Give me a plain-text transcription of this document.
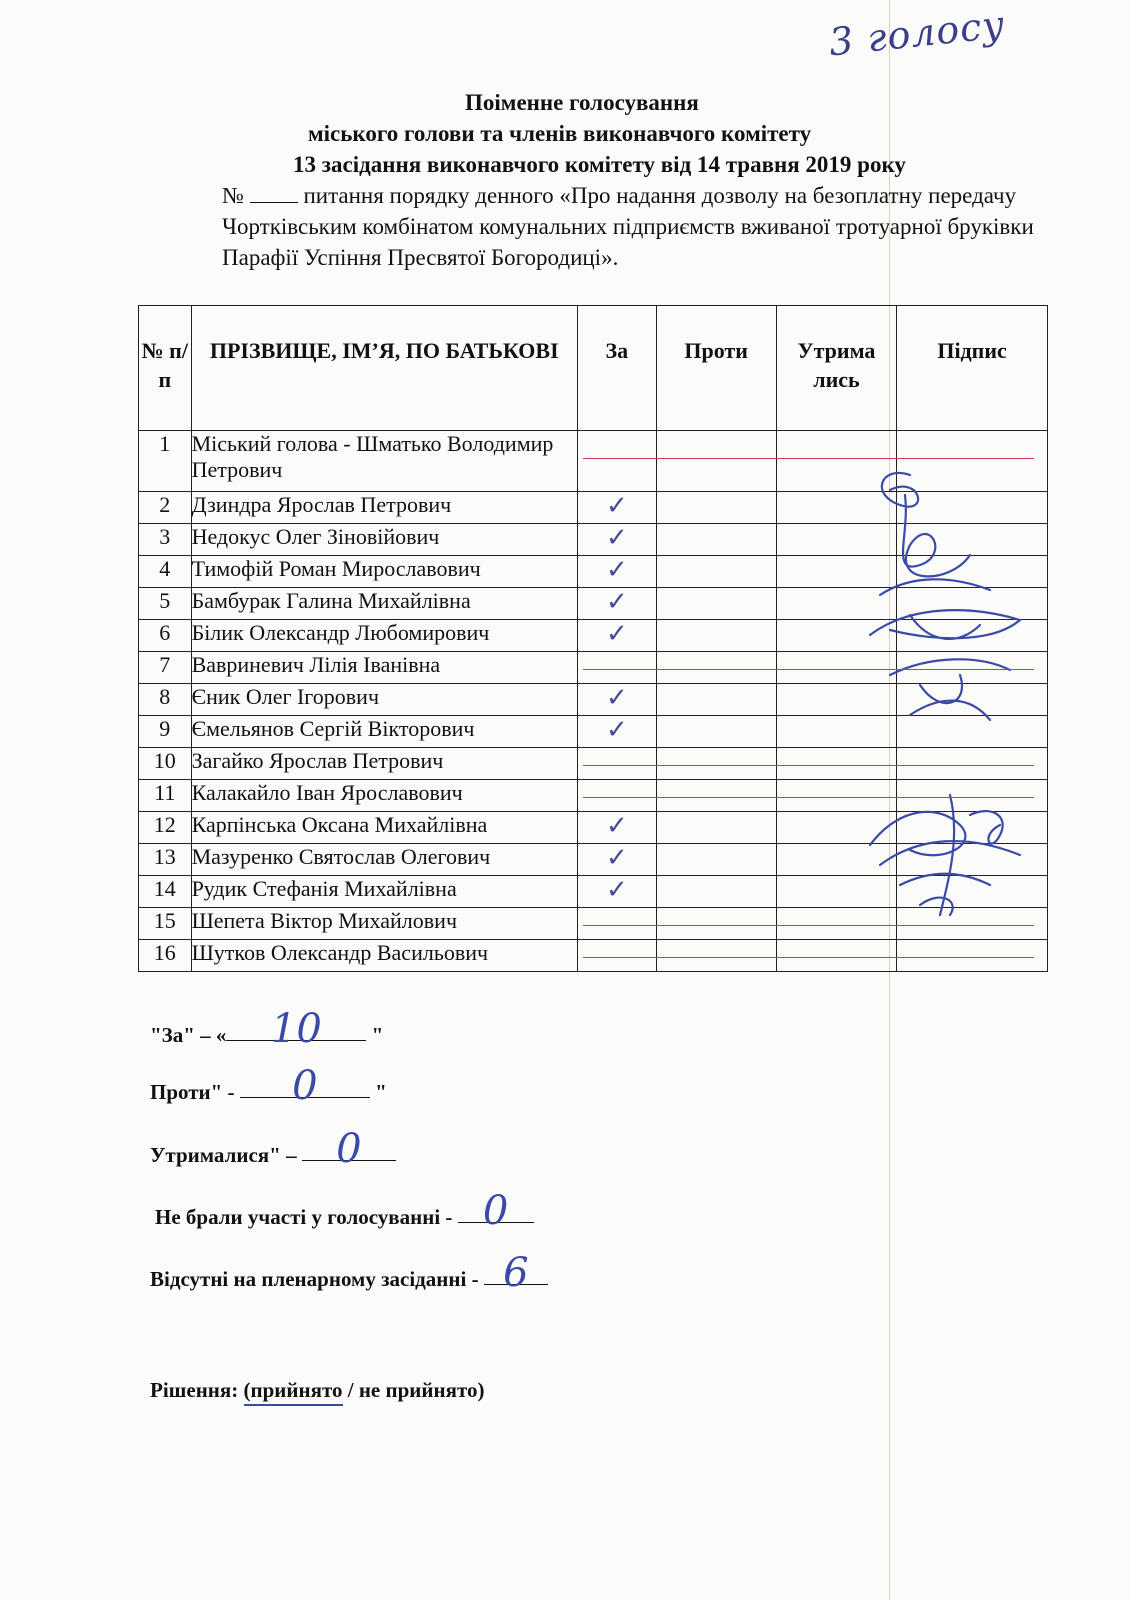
3 голосу
Поіменне голосування
міського голови та членів виконавчого комітету
13 засідання виконавчого комітету від 14 травня 2019 року
№	питання порядку денного «Про надання дозволу на безоплатну передачу Чортківським комбінатом комунальних підприємств вживаної тротуарної бруківки Парафії Успіння Пресвятої Богородиці».
№ п/п	ПРІЗВИЩЕ, ІМ’Я, ПО БАТЬКОВІ	За	Проти	Утрима лись	Підпис
1	Міський голова - Шматько Володимир Петрович				
2	Дзиндра Ярослав Петрович	✓			

3	Недокус Олег Зіновійович	✓			

4	Тимофій Роман Мирославович	✓			

5	Бамбурак Галина Михайлівна	✓			

6	Білик Олександр Любомирович	✓			

7	Вавриневич Лілія Іванівна				
8	Єник Олег Ігорович	✓			

9	Ємельянов Сергій Вікторович	✓			

10	Загайко Ярослав Петрович				
11	Калакайло Іван Ярославович				
12	Карпінська Оксана Михайлівна	✓			

13	Мазуренко Святослав Олегович	✓			

14	Рудик Стефанія Михайлівна	✓			

15	Шепета Віктор Михайлович				
16	Шутков Олександр Васильович				
"За" – « 10 "
Проти" - 0 "
Утрималися" – 0
Не брали участі у голосуванні - 0
Відсутні на пленарному засіданні - 6
Рішення: (прийнято / не прийнято)
